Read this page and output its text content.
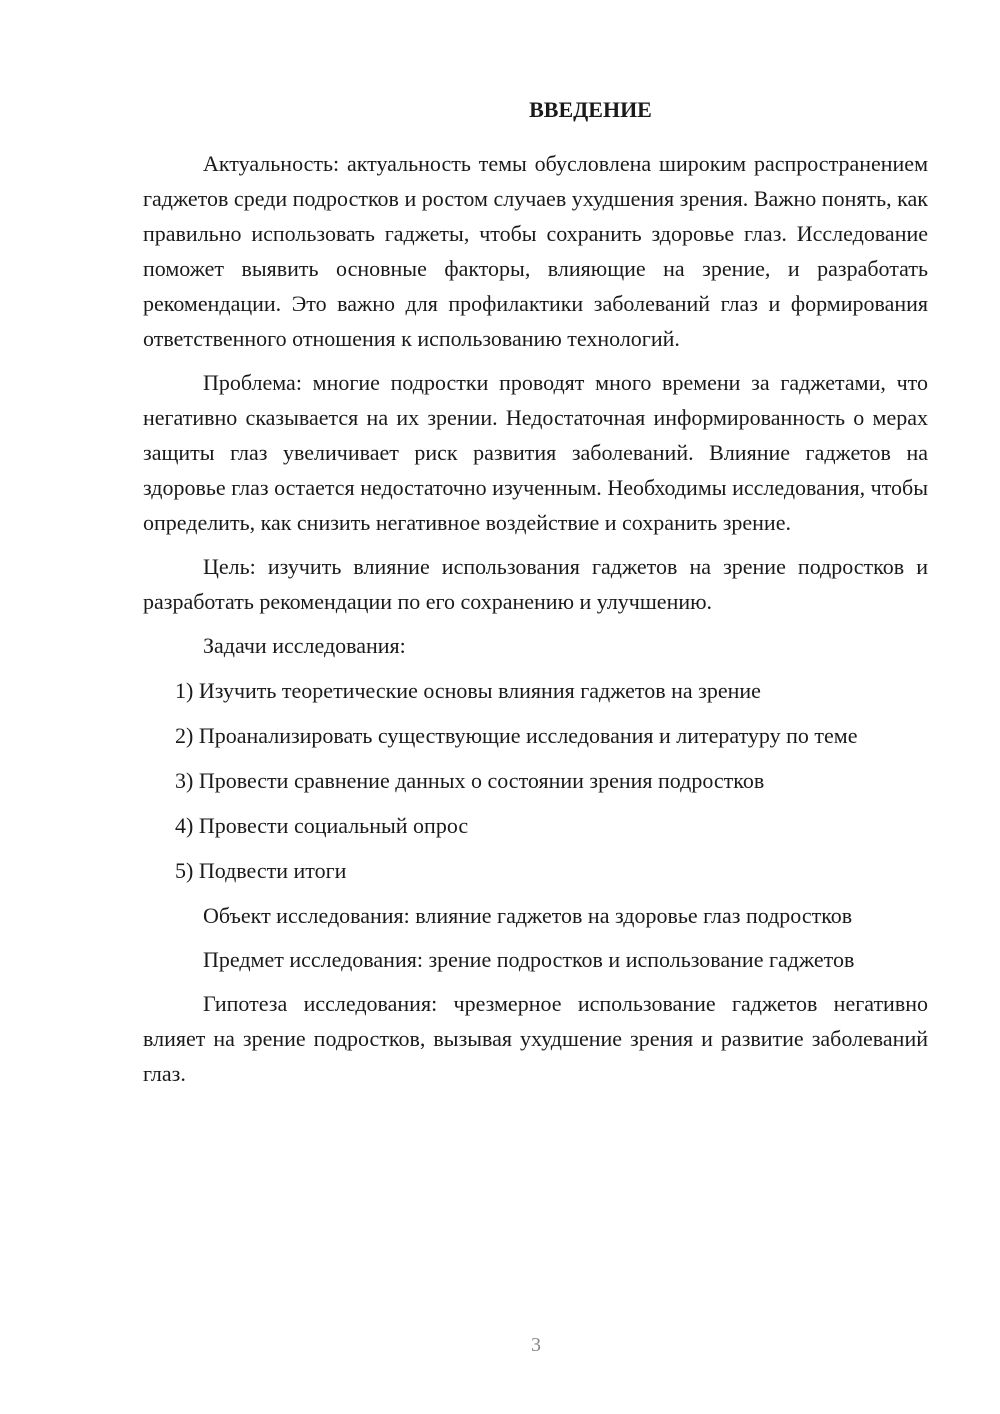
ВВЕДЕНИЕ

Актуальность: актуальность темы обусловлена широким распространением гаджетов среди подростков и ростом случаев ухудшения зрения. Важно понять, как правильно использовать гаджеты, чтобы сохранить здоровье глаз. Исследование поможет выявить основные факторы, влияющие на зрение, и разработать рекомендации. Это важно для профилактики заболеваний глаз и формирования ответственного отношения к использованию технологий.

Проблема: многие подростки проводят много времени за гаджетами, что негативно сказывается на их зрении. Недостаточная информированность о мерах защиты глаз увеличивает риск развития заболеваний. Влияние гаджетов на здоровье глаз остается недостаточно изученным. Необходимы исследования, чтобы определить, как снизить негативное воздействие и сохранить зрение.

Цель: изучить влияние использования гаджетов на зрение подростков и разработать рекомендации по его сохранению и улучшению.

Задачи исследования:

1) Изучить теоретические основы влияния гаджетов на зрение

2) Проанализировать существующие исследования и литературу по теме

3) Провести сравнение данных о состоянии зрения подростков

4) Провести социальный опрос

5) Подвести итоги

Объект исследования: влияние гаджетов на здоровье глаз подростков

Предмет исследования: зрение подростков и использование гаджетов

Гипотеза исследования: чрезмерное использование гаджетов негативно влияет на зрение подростков, вызывая ухудшение зрения и развитие заболеваний глаз.

3
